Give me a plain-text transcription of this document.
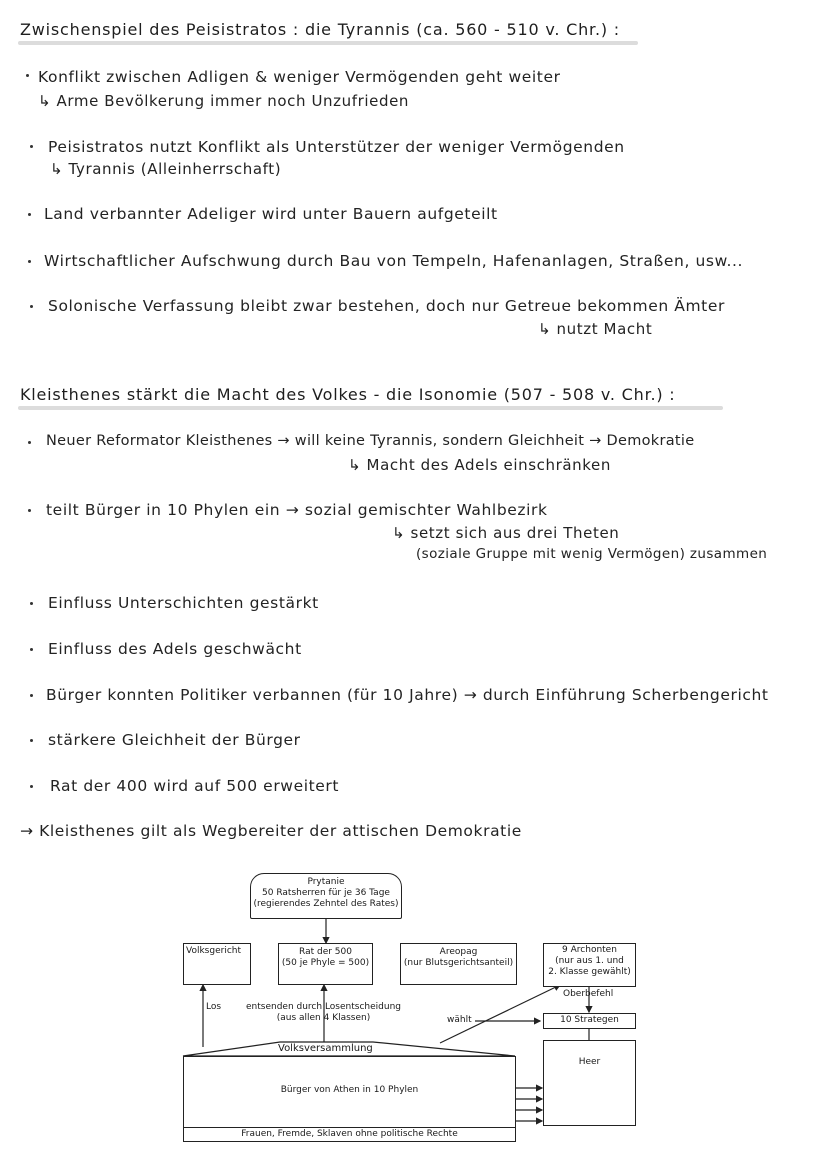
Zwischenspiel des Peisistratos : die Tyrannis (ca. 560 - 510 v. Chr.) :
Konflikt zwischen Adligen & weniger Vermögenden geht weiter
↳ Arme Bevölkerung immer noch Unzufrieden
Peisistratos nutzt Konflikt als Unterstützer der weniger Vermögenden
↳ Tyrannis (Alleinherrschaft)
Land verbannter Adeliger wird unter Bauern aufgeteilt
Wirtschaftlicher Aufschwung durch Bau von Tempeln, Hafenanlagen, Straßen, usw...
Solonische Verfassung bleibt zwar bestehen, doch nur Getreue bekommen Ämter
↳ nutzt Macht
Kleisthenes stärkt die Macht des Volkes - die Isonomie (507 - 508 v. Chr.) :
Neuer Reformator Kleisthenes → will keine Tyrannis, sondern Gleichheit → Demokratie
↳ Macht des Adels einschränken
teilt Bürger in 10 Phylen ein → sozial gemischter Wahlbezirk
↳ setzt sich aus drei Theten
(soziale Gruppe mit wenig Vermögen) zusammen
Einfluss Unterschichten gestärkt
Einfluss des Adels geschwächt
Bürger konnten Politiker verbannen (für 10 Jahre) → durch Einführung Scherbengericht
stärkere Gleichheit der Bürger
Rat der 400 wird auf 500 erweitert
→ Kleisthenes gilt als Wegbereiter der attischen Demokratie
Prytanie
50 Ratsherren für je 36 Tage
(regierendes Zehntel des Rates)
Volksgericht	Rat der 500
(50 je Phyle = 500)
Areopag
(nur Blutsgerichtsanteil)
9 Archonten
(nur aus 1. und
2. Klasse gewählt)
Oberbefehl
10 Strategen
Heer
Los	entsenden durch Losentscheidung
(aus allen 4 Klassen)	wählt
Volksversammlung
Bürger von Athen in 10 Phylen
Frauen, Fremde, Sklaven ohne politische Rechte
